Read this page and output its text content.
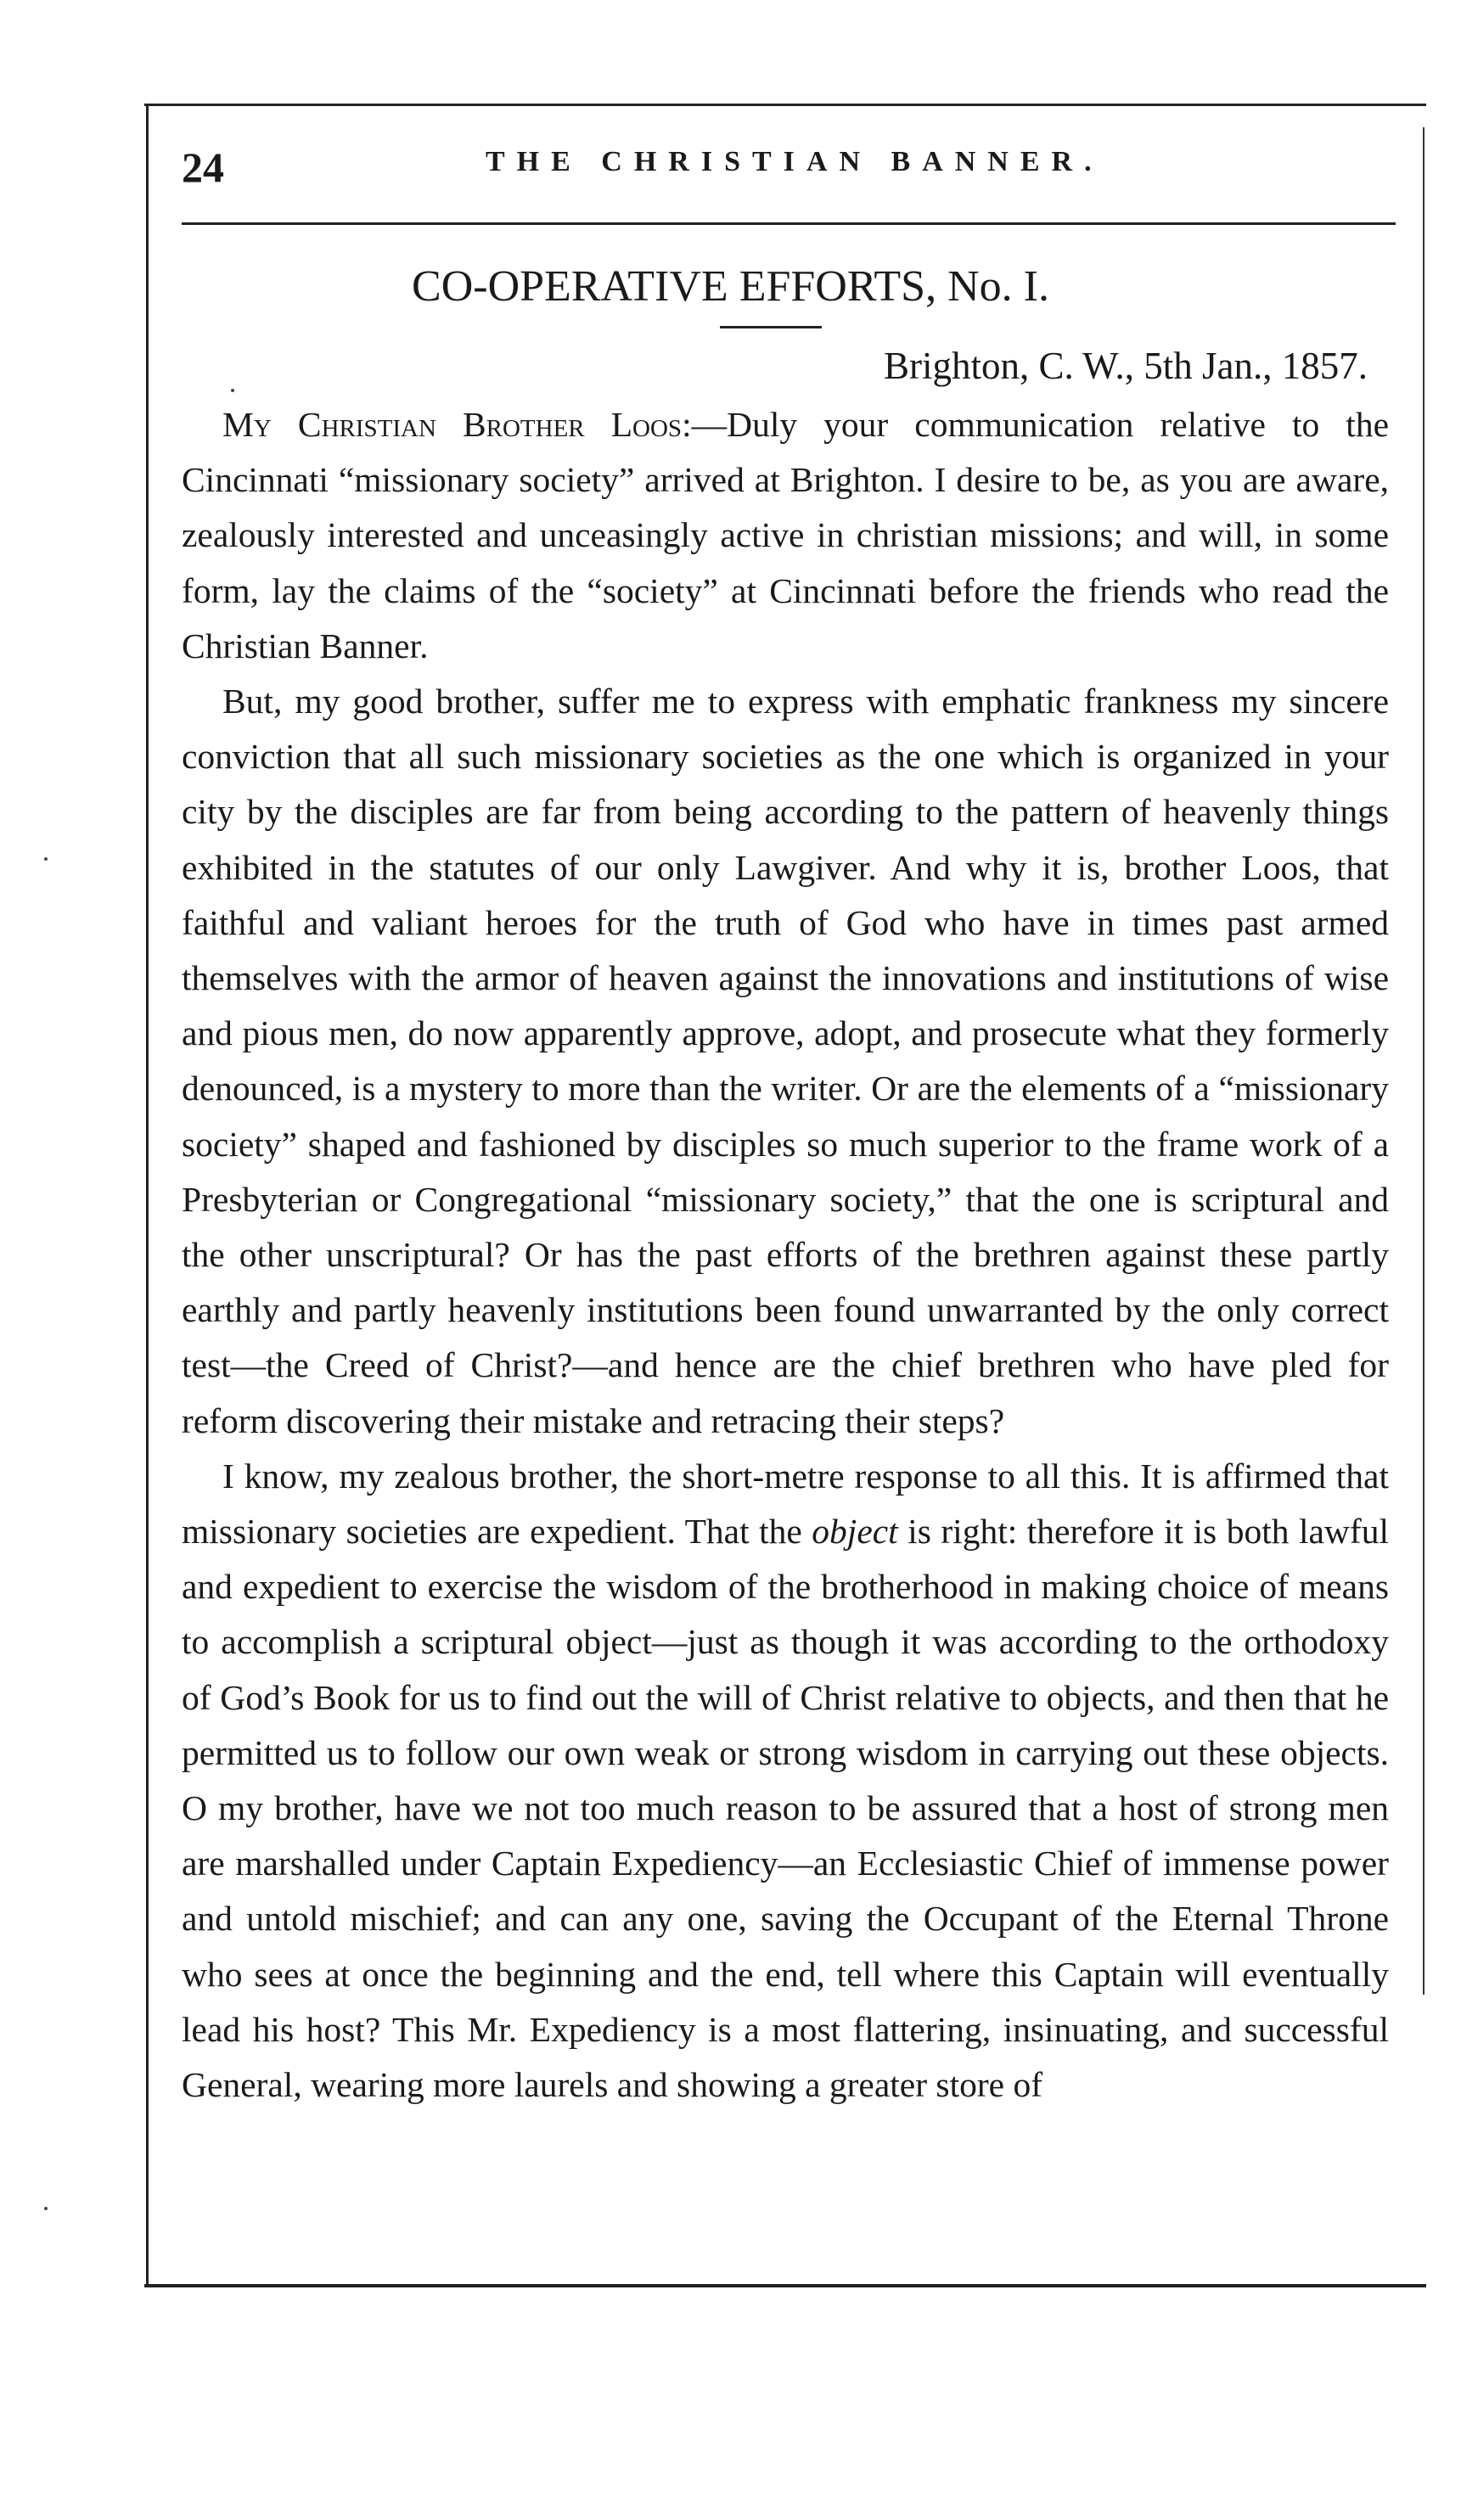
24	THE CHRISTIAN BANNER.
CO-OPERATIVE EFFORTS, No. I.
Brighton, C. W., 5th Jan., 1857.

My Christian Brother Loos:—Duly your communication relative to the Cincinnati “missionary society” arrived at Brighton. I desire to be, as you are aware, zealously interested and unceasingly active in christian missions; and will, in some form, lay the claims of the “society” at Cincinnati before the friends who read the Christian Banner.

But, my good brother, suffer me to express with emphatic frankness my sincere conviction that all such missionary societies as the one which is organized in your city by the disciples are far from being according to the pattern of heavenly things exhibited in the statutes of our only Lawgiver. And why it is, brother Loos, that faithful and valiant heroes for the truth of God who have in times past armed themselves with the armor of heaven against the innovations and institutions of wise and pious men, do now apparently approve, adopt, and prosecute what they formerly denounced, is a mystery to more than the writer. Or are the elements of a “missionary society” shaped and fashioned by disciples so much superior to the frame work of a Presbyterian or Congregational “missionary society,” that the one is scriptural and the other unscriptural? Or has the past efforts of the brethren against these partly earthly and partly heavenly institutions been found unwarranted by the only correct test—the Creed of Christ?—and hence are the chief brethren who have pled for reform discovering their mistake and retracing their steps?

I know, my zealous brother, the short-metre response to all this. It is affirmed that missionary societies are expedient. That the object is right: therefore it is both lawful and expedient to exercise the wisdom of the brotherhood in making choice of means to accomplish a scriptural object—just as though it was according to the orthodoxy of God’s Book for us to find out the will of Christ relative to objects, and then that he permitted us to follow our own weak or strong wisdom in carrying out these objects. O my brother, have we not too much reason to be assured that a host of strong men are marshalled under Captain Expediency—an Ecclesiastic Chief of immense power and untold mischief; and can any one, saving the Occupant of the Eternal Throne who sees at once the beginning and the end, tell where this Captain will eventually lead his host? This Mr. Expediency is a most flattering, insinuating, and successful General, wearing more laurels and showing a greater store of
